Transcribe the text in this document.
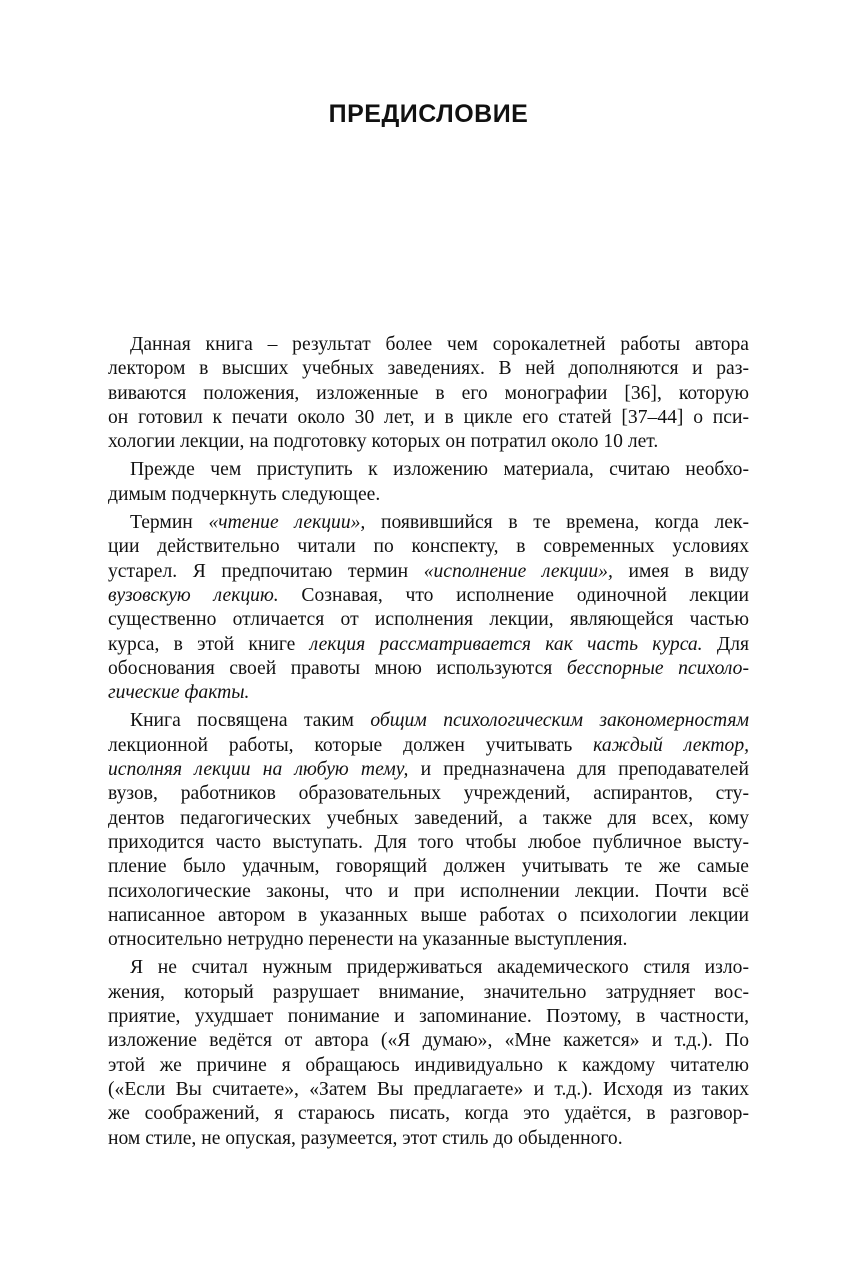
ПРЕДИСЛОВИЕ

Данная книга – результат более чем сорокалетней работы автора
лектором в высших учебных заведениях. В ней дополняются и раз-
виваются положения, изложенные в его монографии [36], которую
он готовил к печати около 30 лет, и в цикле его статей [37–44] о пси-
хологии лекции, на подготовку которых он потратил около 10 лет.

Прежде чем приступить к изложению материала, считаю необхо-
димым подчеркнуть следующее.

Термин «чтение лекции», появившийся в те времена, когда лек-
ции действительно читали по конспекту, в современных условиях
устарел. Я предпочитаю термин «исполнение лекции», имея в виду
вузовскую лекцию. Сознавая, что исполнение одиночной лекции
существенно отличается от исполнения лекции, являющейся частью
курса, в этой книге лекция рассматривается как часть курса. Для
обоснования своей правоты мною используются бесспорные психоло-
гические факты.

Книга посвящена таким общим психологическим закономерностям
лекционной работы, которые должен учитывать каждый лектор,
исполняя лекции на любую тему, и предназначена для преподавателей
вузов, работников образовательных учреждений, аспирантов, сту-
дентов педагогических учебных заведений, а также для всех, кому
приходится часто выступать. Для того чтобы любое публичное высту-
пление было удачным, говорящий должен учитывать те же самые
психологические законы, что и при исполнении лекции. Почти всё
написанное автором в указанных выше работах о психологии лекции
относительно нетрудно перенести на указанные выступления.

Я не считал нужным придерживаться академического стиля изло-
жения, который разрушает внимание, значительно затрудняет вос-
приятие, ухудшает понимание и запоминание. Поэтому, в частности,
изложение ведётся от автора («Я думаю», «Мне кажется» и т.д.). По
этой же причине я обращаюсь индивидуально к каждому читателю
(«Если Вы считаете», «Затем Вы предлагаете» и т.д.). Исходя из таких
же соображений, я стараюсь писать, когда это удаётся, в разговор-
ном стиле, не опуская, разумеется, этот стиль до обыденного.
